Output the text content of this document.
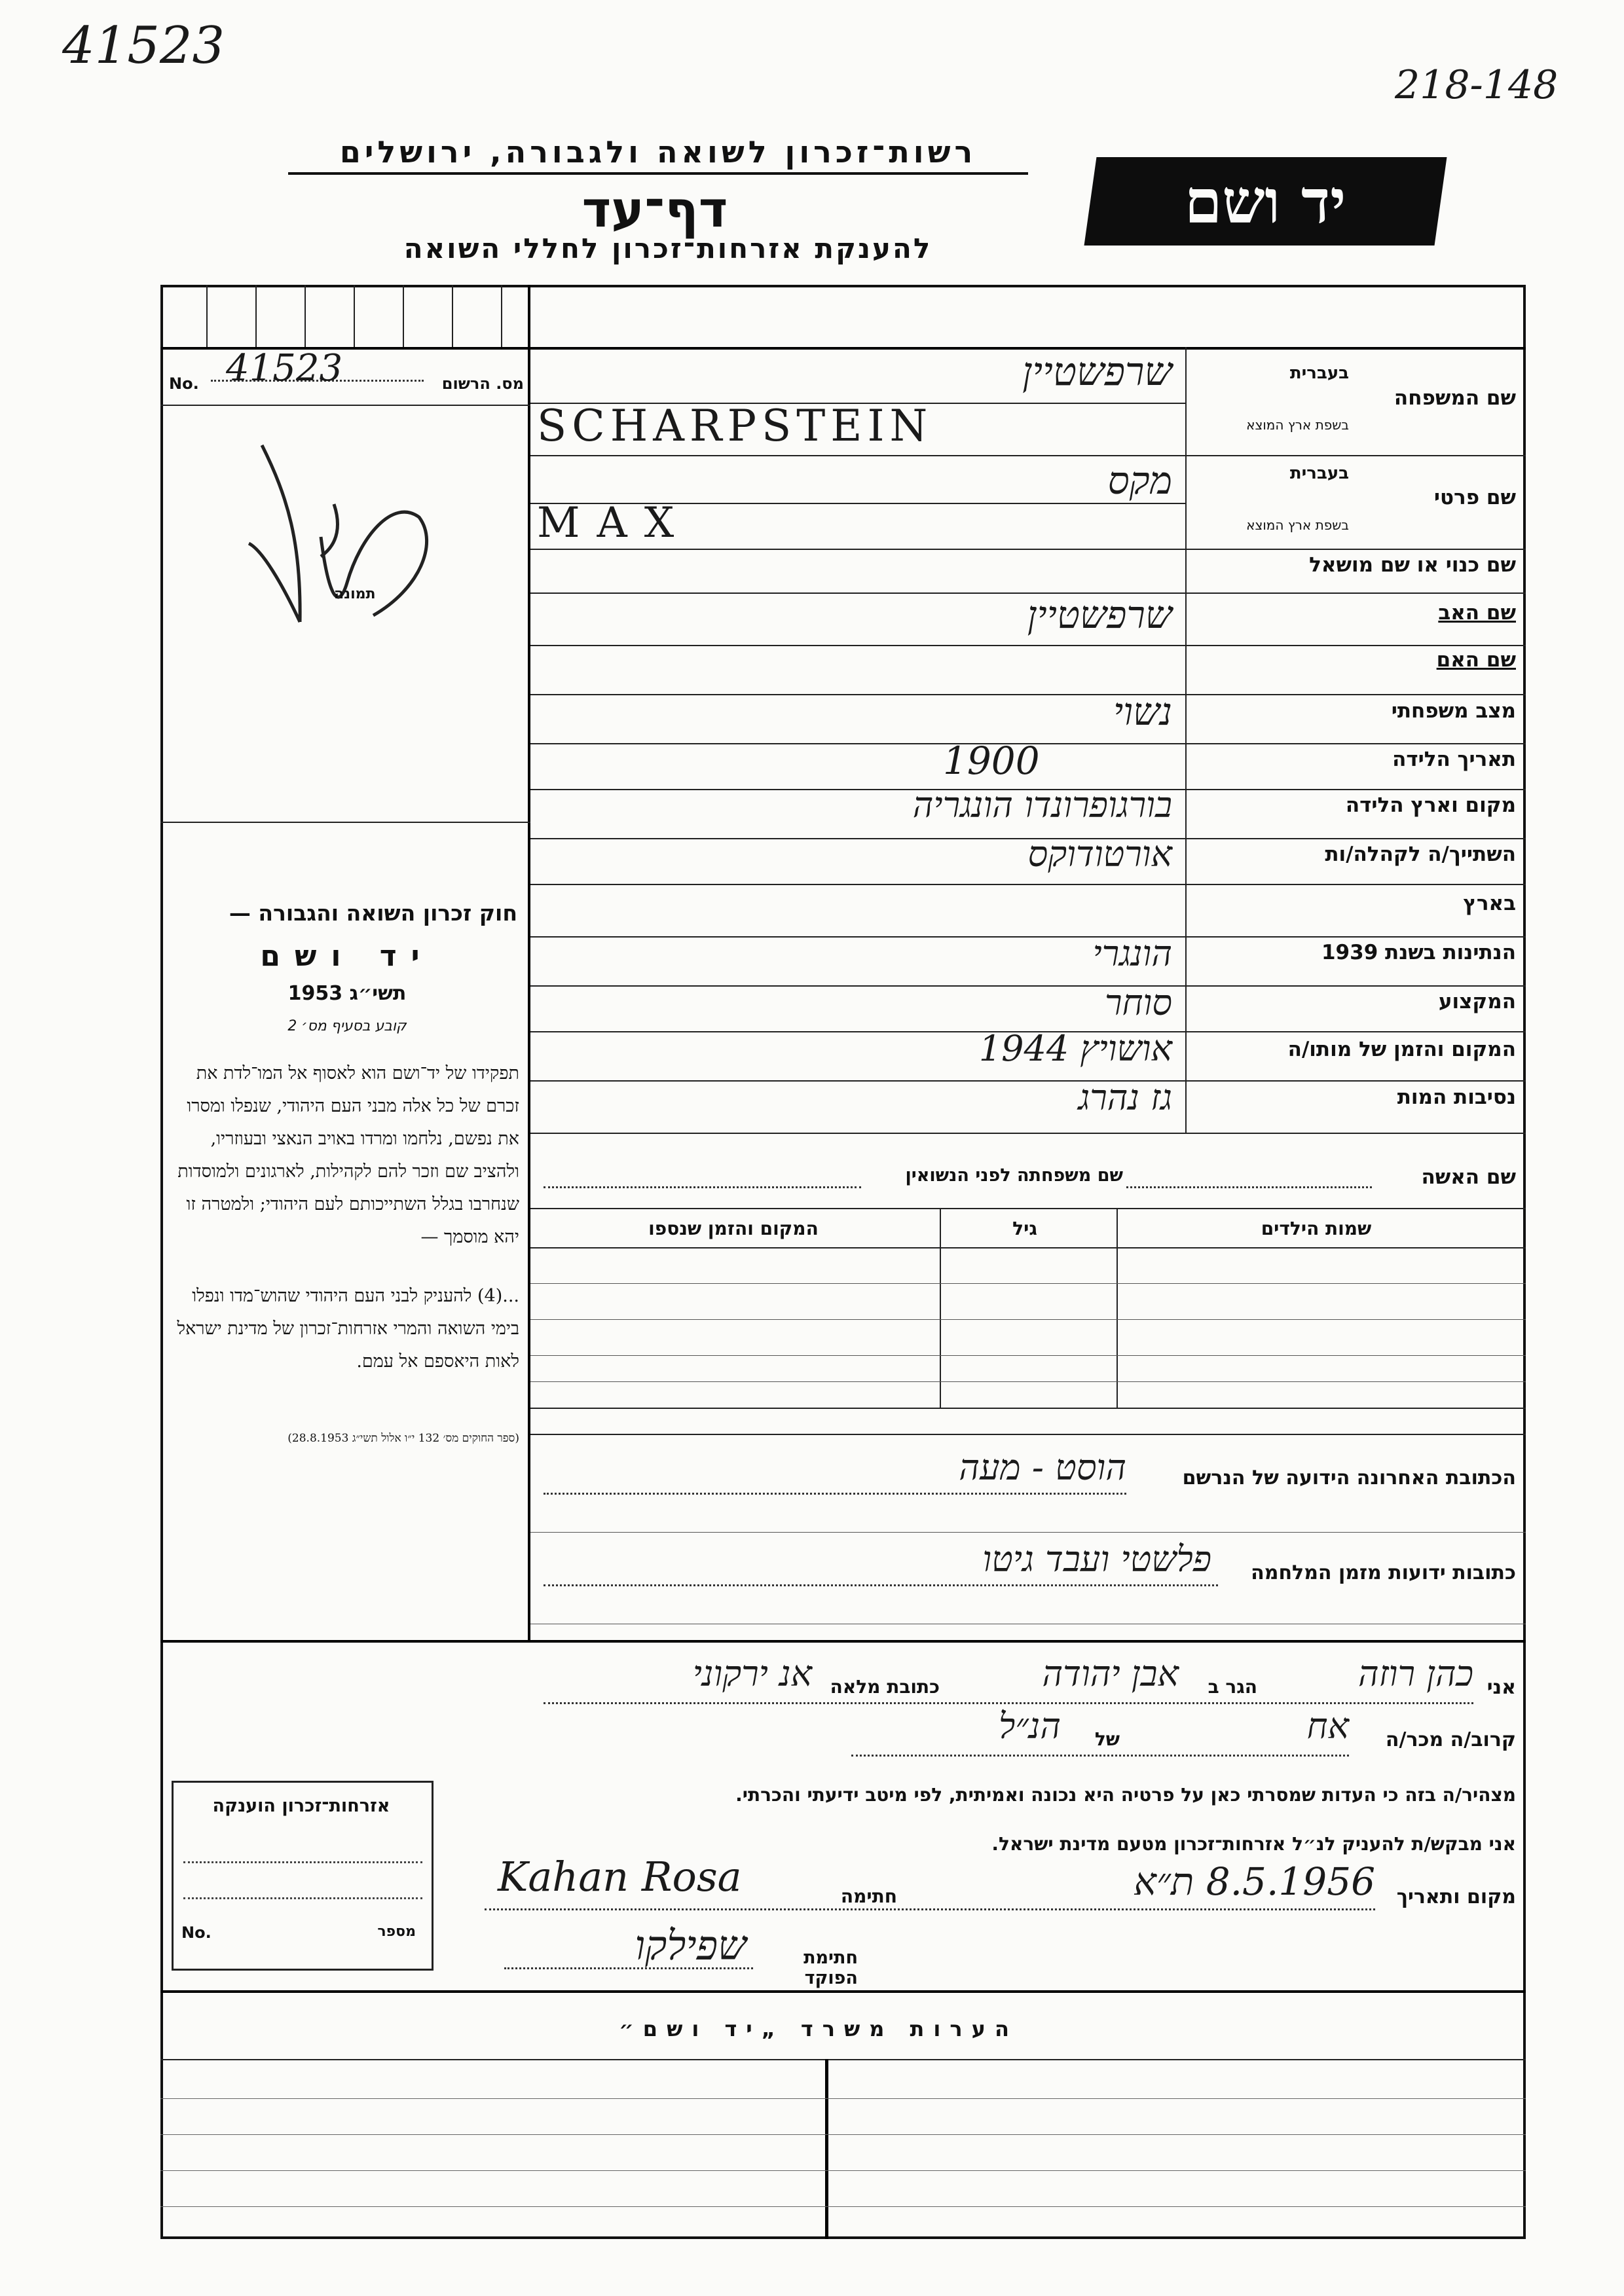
41523
218-148
רשות־זכרון לשואה ולגבורה, ירושלים
דף־עד
להענקת אזרחות־זכרון לחללי השואה
יד ושם
No. 41523	מס. הרשום
תמונה
חוק זכרון השואה והגבורה —
יד ושם
תשי״ג 1953
קובע בסעיף מס׳ 2
תפקידו של יד־ושם הוא לאסוף אל המו־לדת את זכרם של כל אלה מבני העם היהודי, שנפלו ומסרו את נפשם, נלחמו ומרדו באויב הנאצי ובעוזריו, ולהציב שם וזכר להם לקהילות, לארגונים ולמוסדות שנחרבו בגלל השתייכותם לעם היהודי; ולמטרה זו יהא מוסמך —
...(4) להעניק לבני העם היהודי שהוש־מדו ונפלו בימי השואה והמרי אזרחות־זכרון של מדינת ישראל לאות היאספם אל עמם.
(ספר החוקים מס׳ 132 י״ו אלול תשי״ג 28.8.1953)
שם המשפחה
בעברית
בשפת ארץ המוצא
שרפשטיין
SCHARPSTEIN
שם פרטי
בעברית
בשפת ארץ המוצא
מקס
MAX
שם כנוי או שם מושאל
שם האב
שרפשטיין
שם האם
מצב משפחתי
נשוי
תאריך הלידה
1900
מקום וארץ הלידה
בורגופרונדו הונגריה
השתייך/ה לקהלה/ות
אורטודוקס
בארץ
הנתינות בשנת 1939
הונגרי
המקצוע
סוחר
המקום והזמן של מותו/ה
אושויץ 1944
נסיבות המות
גז נהרג
שם האשה
שם משפחתה לפני הנשואין
שמות הילדים
גיל
המקום והזמן שנספו
הכתובת האחרונה הידועה של הנרשם
הוסט - מעה
כתובות ידועות מזמן המלחמה
פלשטי ועבד גיטו
אני
כהן רוזה
הגר ב
אבן יהודה
כתובת מלאה
אנ ירקוני
קרוב/ה מכר/ה
אח
של
הנ״ל
מצהיר/ה בזה כי העדות שמסרתי כאן על פרטיה היא נכונה ואמיתית, לפי מיטב ידיעתי והכרתי.
אני מבקש/ת להעניק לנ״ל אזרחות־זכרון מטעם מדינת ישראל.
מקום ותאריך
8.5.1956 ת״א
חתימה
Kahan Rosa
חתימת הפוקד
שפילקו
אזרחות־זכרון הוענקה
No.	מספר
הערות משרד „יד ושם״
